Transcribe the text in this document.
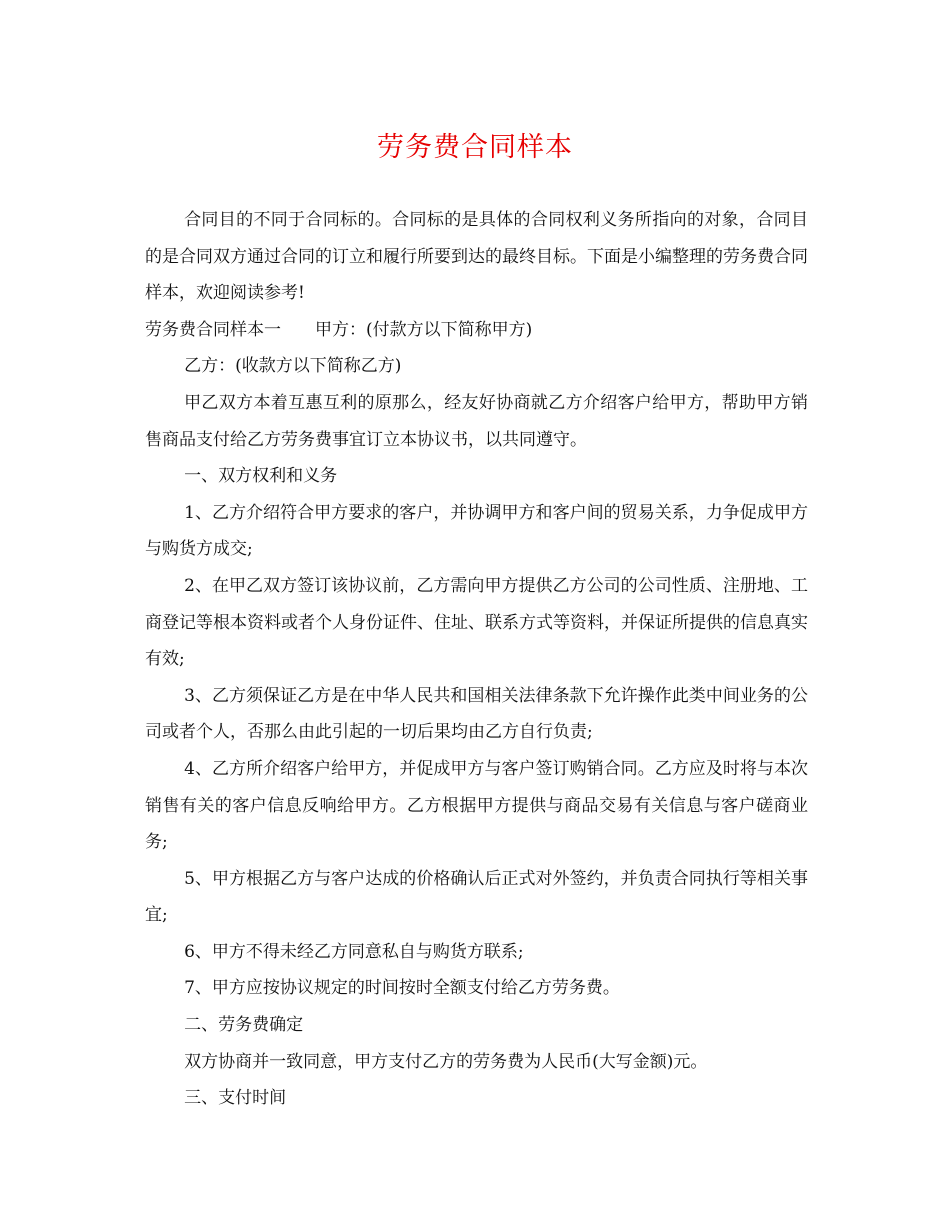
劳务费合同样本

合同目的不同于合同标的。合同标的是具体的合同权利义务所指向的对象，合同目的是合同双方通过合同的订立和履行所要到达的最终目标。下面是小编整理的劳务费合同样本，欢迎阅读参考!

劳务费合同样本一　　甲方：(付款方以下简称甲方)

乙方：(收款方以下简称乙方)

甲乙双方本着互惠互利的原那么，经友好协商就乙方介绍客户给甲方，帮助甲方销售商品支付给乙方劳务费事宜订立本协议书，以共同遵守。

一、双方权利和义务

1、乙方介绍符合甲方要求的客户，并协调甲方和客户间的贸易关系，力争促成甲方与购货方成交;

2、在甲乙双方签订该协议前，乙方需向甲方提供乙方公司的公司性质、注册地、工商登记等根本资料或者个人身份证件、住址、联系方式等资料，并保证所提供的信息真实有效;

3、乙方须保证乙方是在中华人民共和国相关法律条款下允许操作此类中间业务的公司或者个人，否那么由此引起的一切后果均由乙方自行负责;

4、乙方所介绍客户给甲方，并促成甲方与客户签订购销合同。乙方应及时将与本次销售有关的客户信息反响给甲方。乙方根据甲方提供与商品交易有关信息与客户磋商业务;

5、甲方根据乙方与客户达成的价格确认后正式对外签约，并负责合同执行等相关事宜;

6、甲方不得未经乙方同意私自与购货方联系;

7、甲方应按协议规定的时间按时全额支付给乙方劳务费。

二、劳务费确定

双方协商并一致同意，甲方支付乙方的劳务费为人民币(大写金额)元。

三、支付时间
